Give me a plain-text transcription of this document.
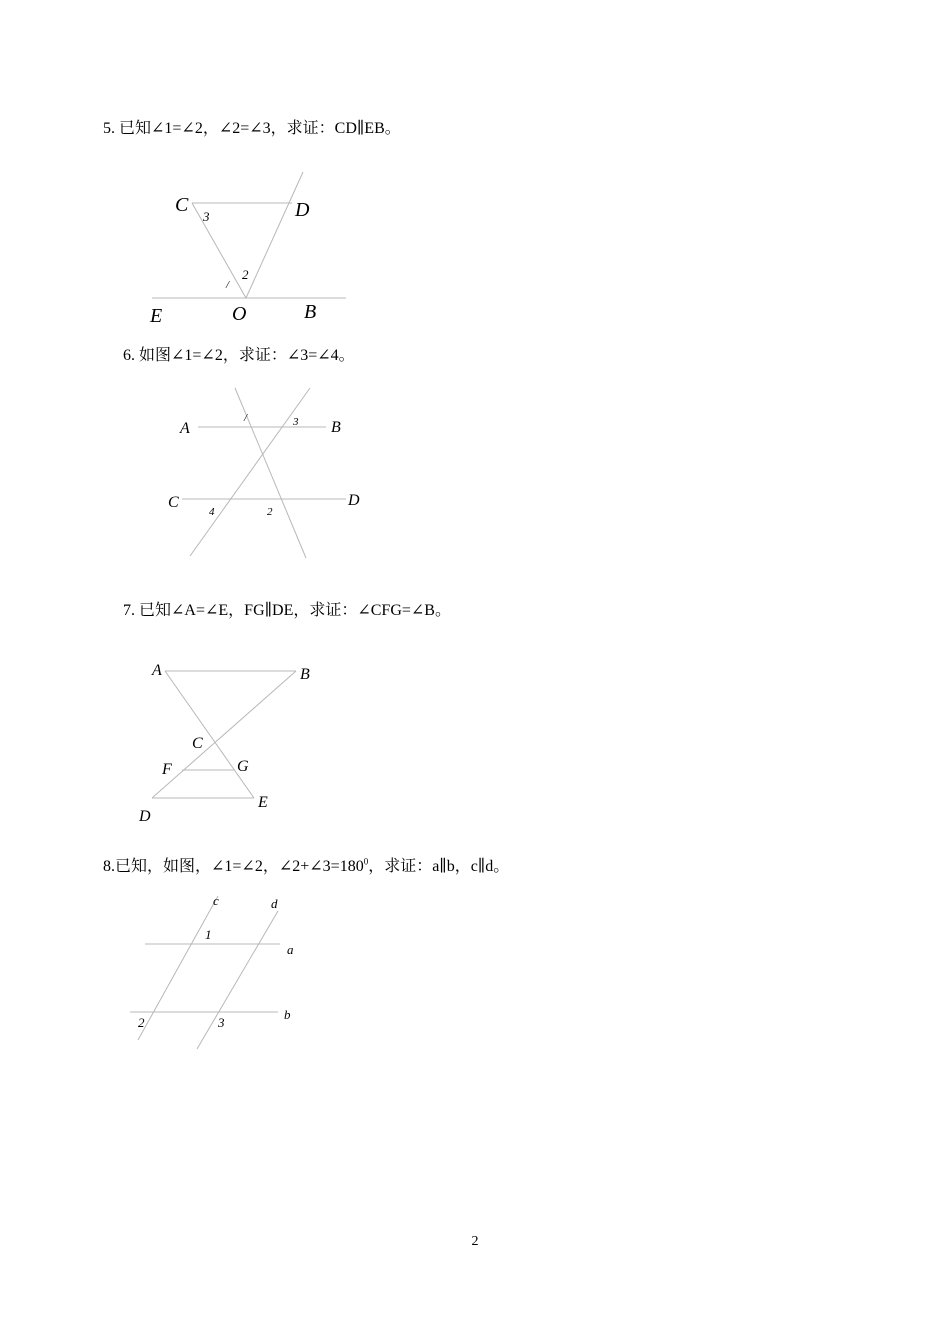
5. 已知∠1=∠2，∠2=∠3，求证：CD∥EB。
C	D
3
2
/
E	O	B
6. 如图∠1=∠2，求证：∠3=∠4。
A	B
/	3
C	D
4	2
7. 已知∠A=∠E，FG∥DE，求证：∠CFG=∠B。
A	B
C
F	G
E
D
8.已知，如图，∠1=∠2，$\angle 2+\angle 3=180^0$，求证：a∥b，c∥d。
c	d
1
a
b
2	3
2
